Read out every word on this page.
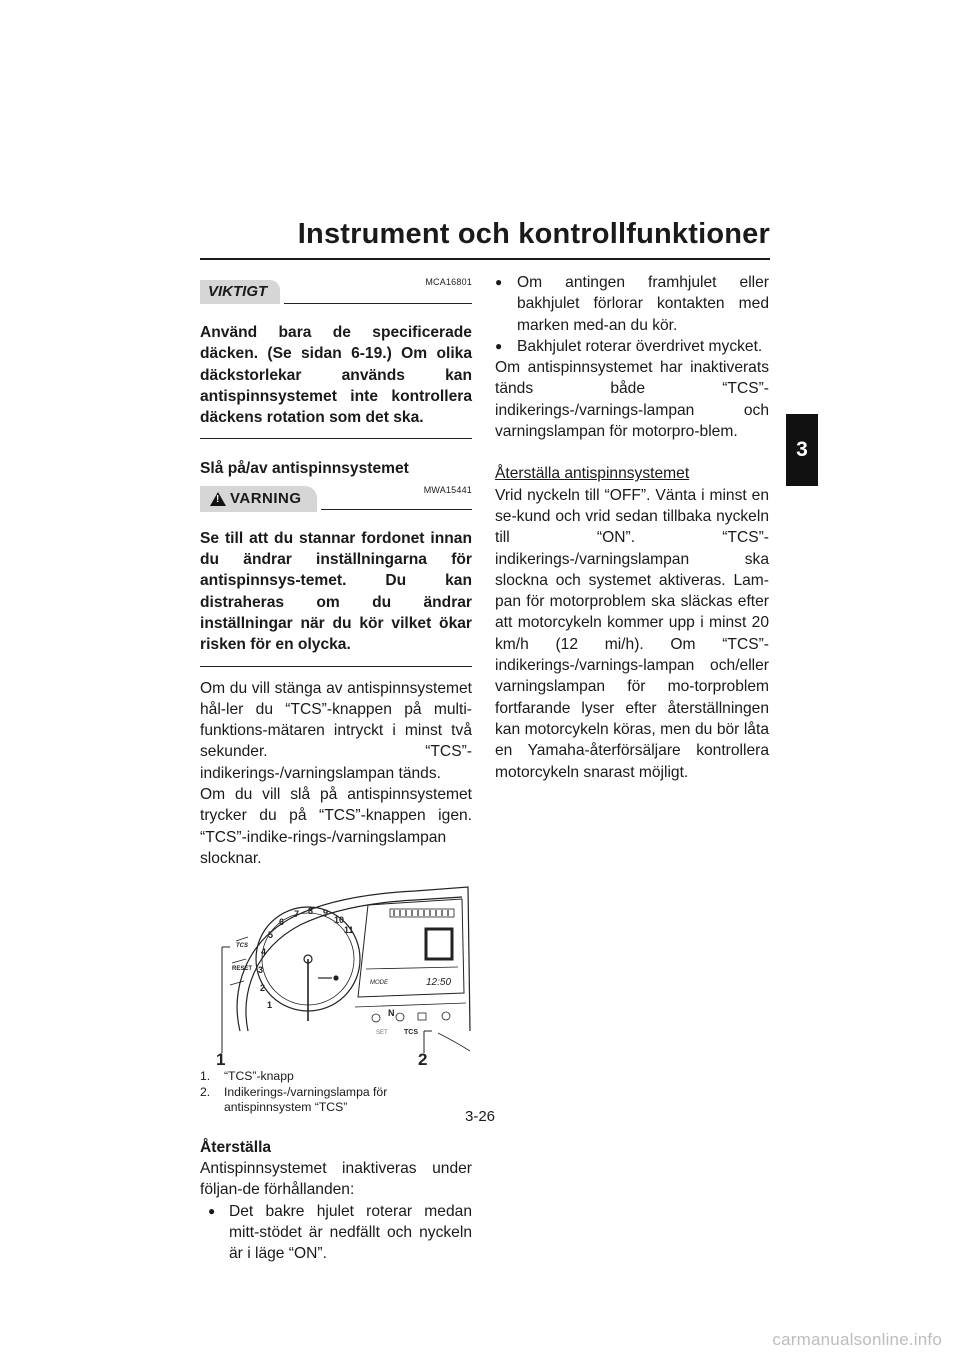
Instrument och kontrollfunktioner
3
VIKTIGT
MCA16801

Använd bara de specificerade däcken. (Se sidan 6-19.) Om olika däckstorlekar används kan antispinnsystemet inte kontrollera däckens rotation som det ska.

Slå på/av antispinnsystemet

! VARNING
MWA15441

Se till att du stannar fordonet innan du ändrar inställningarna för antispinnsys-temet. Du kan distraheras om du ändrar inställningar när du kör vilket ökar risken för en olycka.

Om du vill stänga av antispinnsystemet hål-ler du “TCS”-knappen på multi-funktions-mätaren intryckt i minst två sekunder. “TCS”-indikerings-/varningslampan tänds.

Om du vill slå på antispinnsystemet trycker du på “TCS”-knappen igen. “TCS”-indike-rings-/varningslampan slocknar.

1
2
3
4
5
6
7 8 9
10
11
TCS
RESET
TCS
SET
N
MODE	12:50
1	2
1. “TCS”-knapp
2. Indikerings-/varningslampa för antispinnsystem “TCS”

Återställa

Antispinnsystemet inaktiveras under följan-de förhållanden:

● Det bakre hjulet roterar medan mitt-stödet är nedfällt och nyckeln är i läge “ON”.
● Om antingen framhjulet eller bakhjulet förlorar kontakten med marken med-an du kör.
● Bakhjulet roterar överdrivet mycket.

Om antispinnsystemet har inaktiverats tänds både “TCS”-indikerings-/varnings-lampan och varningslampan för motorpro-blem.

Återställa antispinnsystemet

Vrid nyckeln till “OFF”. Vänta i minst en se-kund och vrid sedan tillbaka nyckeln till “ON”. “TCS”-indikerings-/varningslampan ska slockna och systemet aktiveras. Lam-pan för motorproblem ska släckas efter att motorcykeln kommer upp i minst 20 km/h (12 mi/h). Om “TCS”-indikerings-/varnings-lampan och/eller varningslampan för mo-torproblem fortfarande lyser efter återställningen kan motorcykeln köras, men du bör låta en Yamaha-återförsäljare kontrollera motorcykeln snarast möjligt.

3-26
carmanualsonline.info
